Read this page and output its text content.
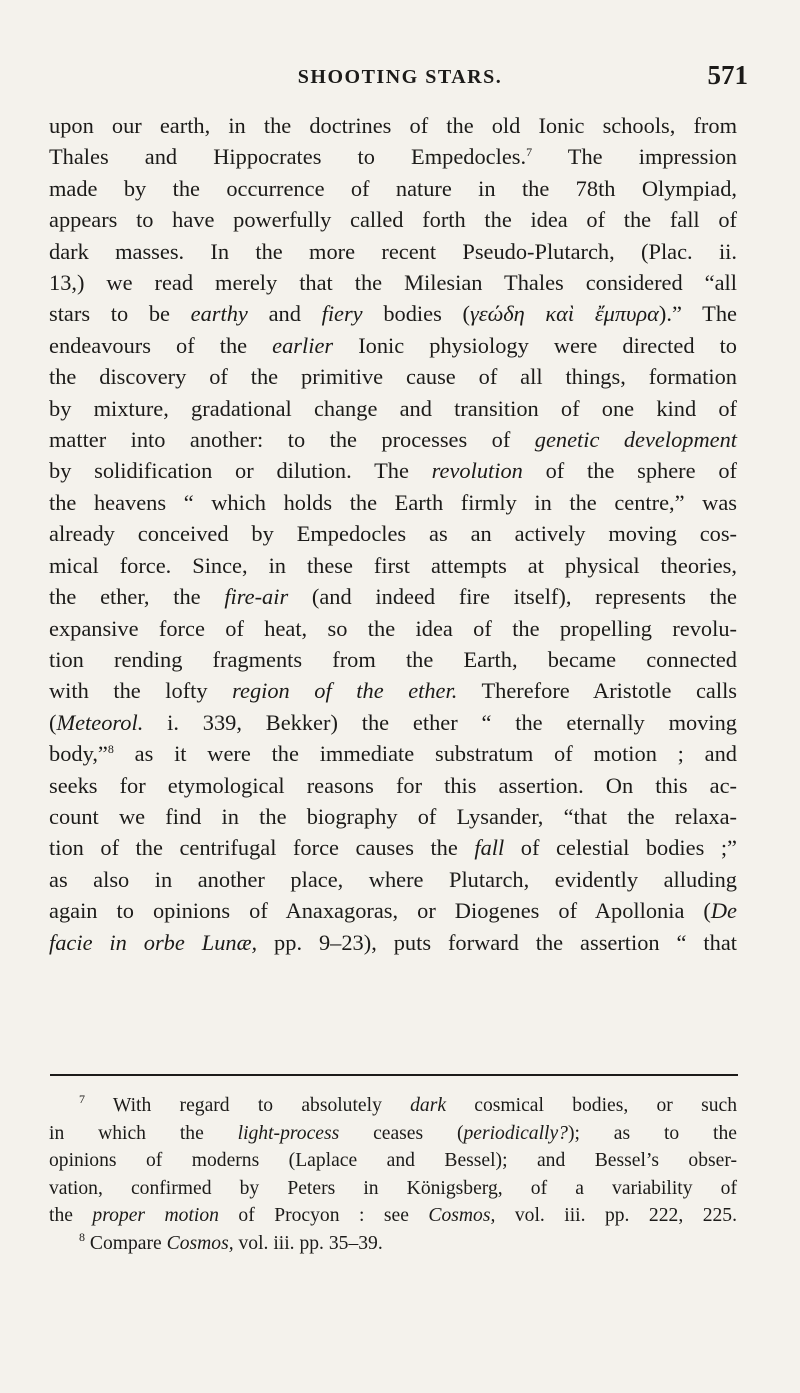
SHOOTING STARS.	571
upon our earth, in the doctrines of the old Ionic schools, from
Thales and Hippocrates to Empedocles.$^7$ The impression
made by the occurrence of nature in the 78th Olympiad,
appears to have powerfully called forth the idea of the fall of
dark masses. In the more recent Pseudo-Plutarch, (Plac. ii.
13,) we read merely that the Milesian Thales considered “all
stars to be earthy and fiery bodies (γεώδη καὶ ἔμπυρα).” The
endeavours of the earlier Ionic physiology were directed to
the discovery of the primitive cause of all things, formation
by mixture, gradational change and transition of one kind of
matter into another: to the processes of genetic development
by solidification or dilution. The revolution of the sphere of
the heavens “ which holds the Earth firmly in the centre,” was
already conceived by Empedocles as an actively moving cos-
mical force. Since, in these first attempts at physical theories,
the ether, the fire-air (and indeed fire itself), represents the
expansive force of heat, so the idea of the propelling revolu-
tion rending fragments from the Earth, became connected
with the lofty region of the ether. Therefore Aristotle calls
(Meteorol. i. 339, Bekker) the ether “ the eternally moving
body,”$^8$ as it were the immediate substratum of motion ; and
seeks for etymological reasons for this assertion. On this ac-
count we find in the biography of Lysander, “that the relaxa-
tion of the centrifugal force causes the fall of celestial bodies ;”
as also in another place, where Plutarch, evidently alluding
again to opinions of Anaxagoras, or Diogenes of Apollonia (De
facie in orbe Lunæ, pp. 9–23), puts forward the assertion “ that
$^7$ With regard to absolutely dark cosmical bodies, or such
in which the light-process ceases (periodically?); as to the
opinions of moderns (Laplace and Bessel); and Bessel’s obser-
vation, confirmed by Peters in Königsberg, of a variability of
the proper motion of Procyon : see Cosmos, vol. iii. pp. 222, 225.
$^8$ Compare Cosmos, vol. iii. pp. 35–39.
